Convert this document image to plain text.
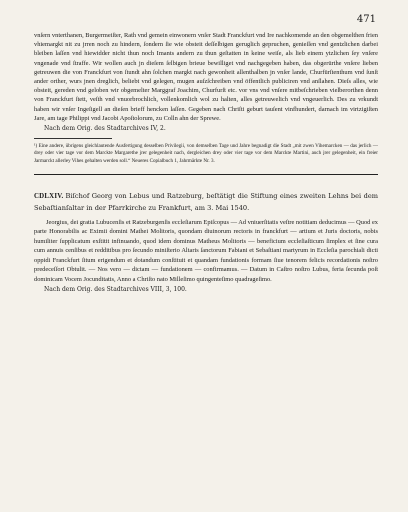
471

vnſern vnterthanen, Burgermeiſter, Rath vnd gemein einwonern vnſer Stadt Franckfurt vnd Ire nachkomende an den obgemelthen frien vhiemargkt nit zu jrren noch zu hindern, ſondern ſie wie obsteit deſſelbigen geruglich gepruchen, genieſſen vnd gentzlichen darbei bleiben laſſen vnd hiewidder nicht thun noch Imants andern zu thun geſtatten in keine weiſe, als lieb einem ytzlichen ſey vnſere vngenade vnd ſtraffe. Wir wollen auch jn dieſem ſelbigen brieue bewilliget vnd nachgegeben haben, das obgerürthe vnſere lieben getreuwen die von Franckfurt von ſtundt ahn ſolchen margkt nach gewonheit allenthalben jn vnſer lande, Churfürſtenthum vnd ſunſt ander orther, wurs jnen dreglich, beliebt vnd gelegen, mugen auſzſchreiben vnd öffentlich publiciren vnd anſlahen. Dieſs alles, wie obsteit, gereden vnd geloben wir obgemelter Marggraf Joachim, Churfurſt etc. vor vns vnd vnſere mitbeſchrieben vielberorthen denn von Franckfurt ſtett, veſth vnd vnuorbrochlich, vollenkomlich wol zu halten, alles getreuwelich vnd vngeuerlich. Des zu vrkundt haben wir vnſer Ingeſigell an dieſen brieff hencken laſſen. Gegeben nach Chriſti geburt tauſent vinfhundert, darnach im virtzigiſten Jare, am tage Philippi vnd Jacobi Apoſtolorum, zu Colln ahn der Sprewe.

Nach dem Orig. des Stadtarchives IV, 2.

¹) Eine andere, übrigens gleichlautende Ausfertigung desselben Privilegii, von demselben Tage und Jahre begnadigt die Stadt „mit zwen Vihemarcken — das jerlich — drey oder vier tage vor dem Marckte Margarethe jrer gelegenheit nach, dergleichen drey oder vier tage vor dem Marckte Martini, auch jrer gelegenheit, ein freier Jarmarckt allerley Vihes gehalten werden soll.“ Neueres Copialbuch 1, Jahrmärkte Nr. 3.

CDLXIV. Biſchof Georg von Lebus und Ratzeburg, beſtätigt die Stiftung eines zweiten Lehns bei dem Sebaſtianſaltar in der Pfarrkirche zu Frankfurt, am 3. Mai 1540.

Jeorgius, dei gratia Lubucenſis et Ratzeburgenſis eccleſiarum Epiſcopus — Ad vniuerſitatis veſtre notitiam deducimus — Quod ex parte Honorabilis ac Eximii domini Mathei Molitoris, quondam diuinorum rectoris in franckfurt — artium et Juris doctoris, nobis humiliter ſupplicatum exſtitit infinuando, quod idem dominus Matheus Molitoris — beneficium eccleſiaſticum ſimplex et ſine cura cum annuis cenſibus et redditibus pro ſecundo miniſterio Altaris ſanctorum Fabiani et Sebaſtiani martyrum in Eccleſia parochiali dicti oppidi Franckfurt ſitum erigendum et dotandum conſtituit et quandam fundationis formam ſiue tenorem felicis recordationis noſtro predeceſſori Obtulit. — Nos vero — dictam — fundationem — confirmamus. — Datum in Caſtro noſtro Lubus, feria ſecunda poſt dominicam Vocem Jocunditatis, Anno a Chriſto nato Milleſimo quingenteſimo quadrageſimo.

Nach dem Orig. des Stadtarchives VIII, 3, 100.
